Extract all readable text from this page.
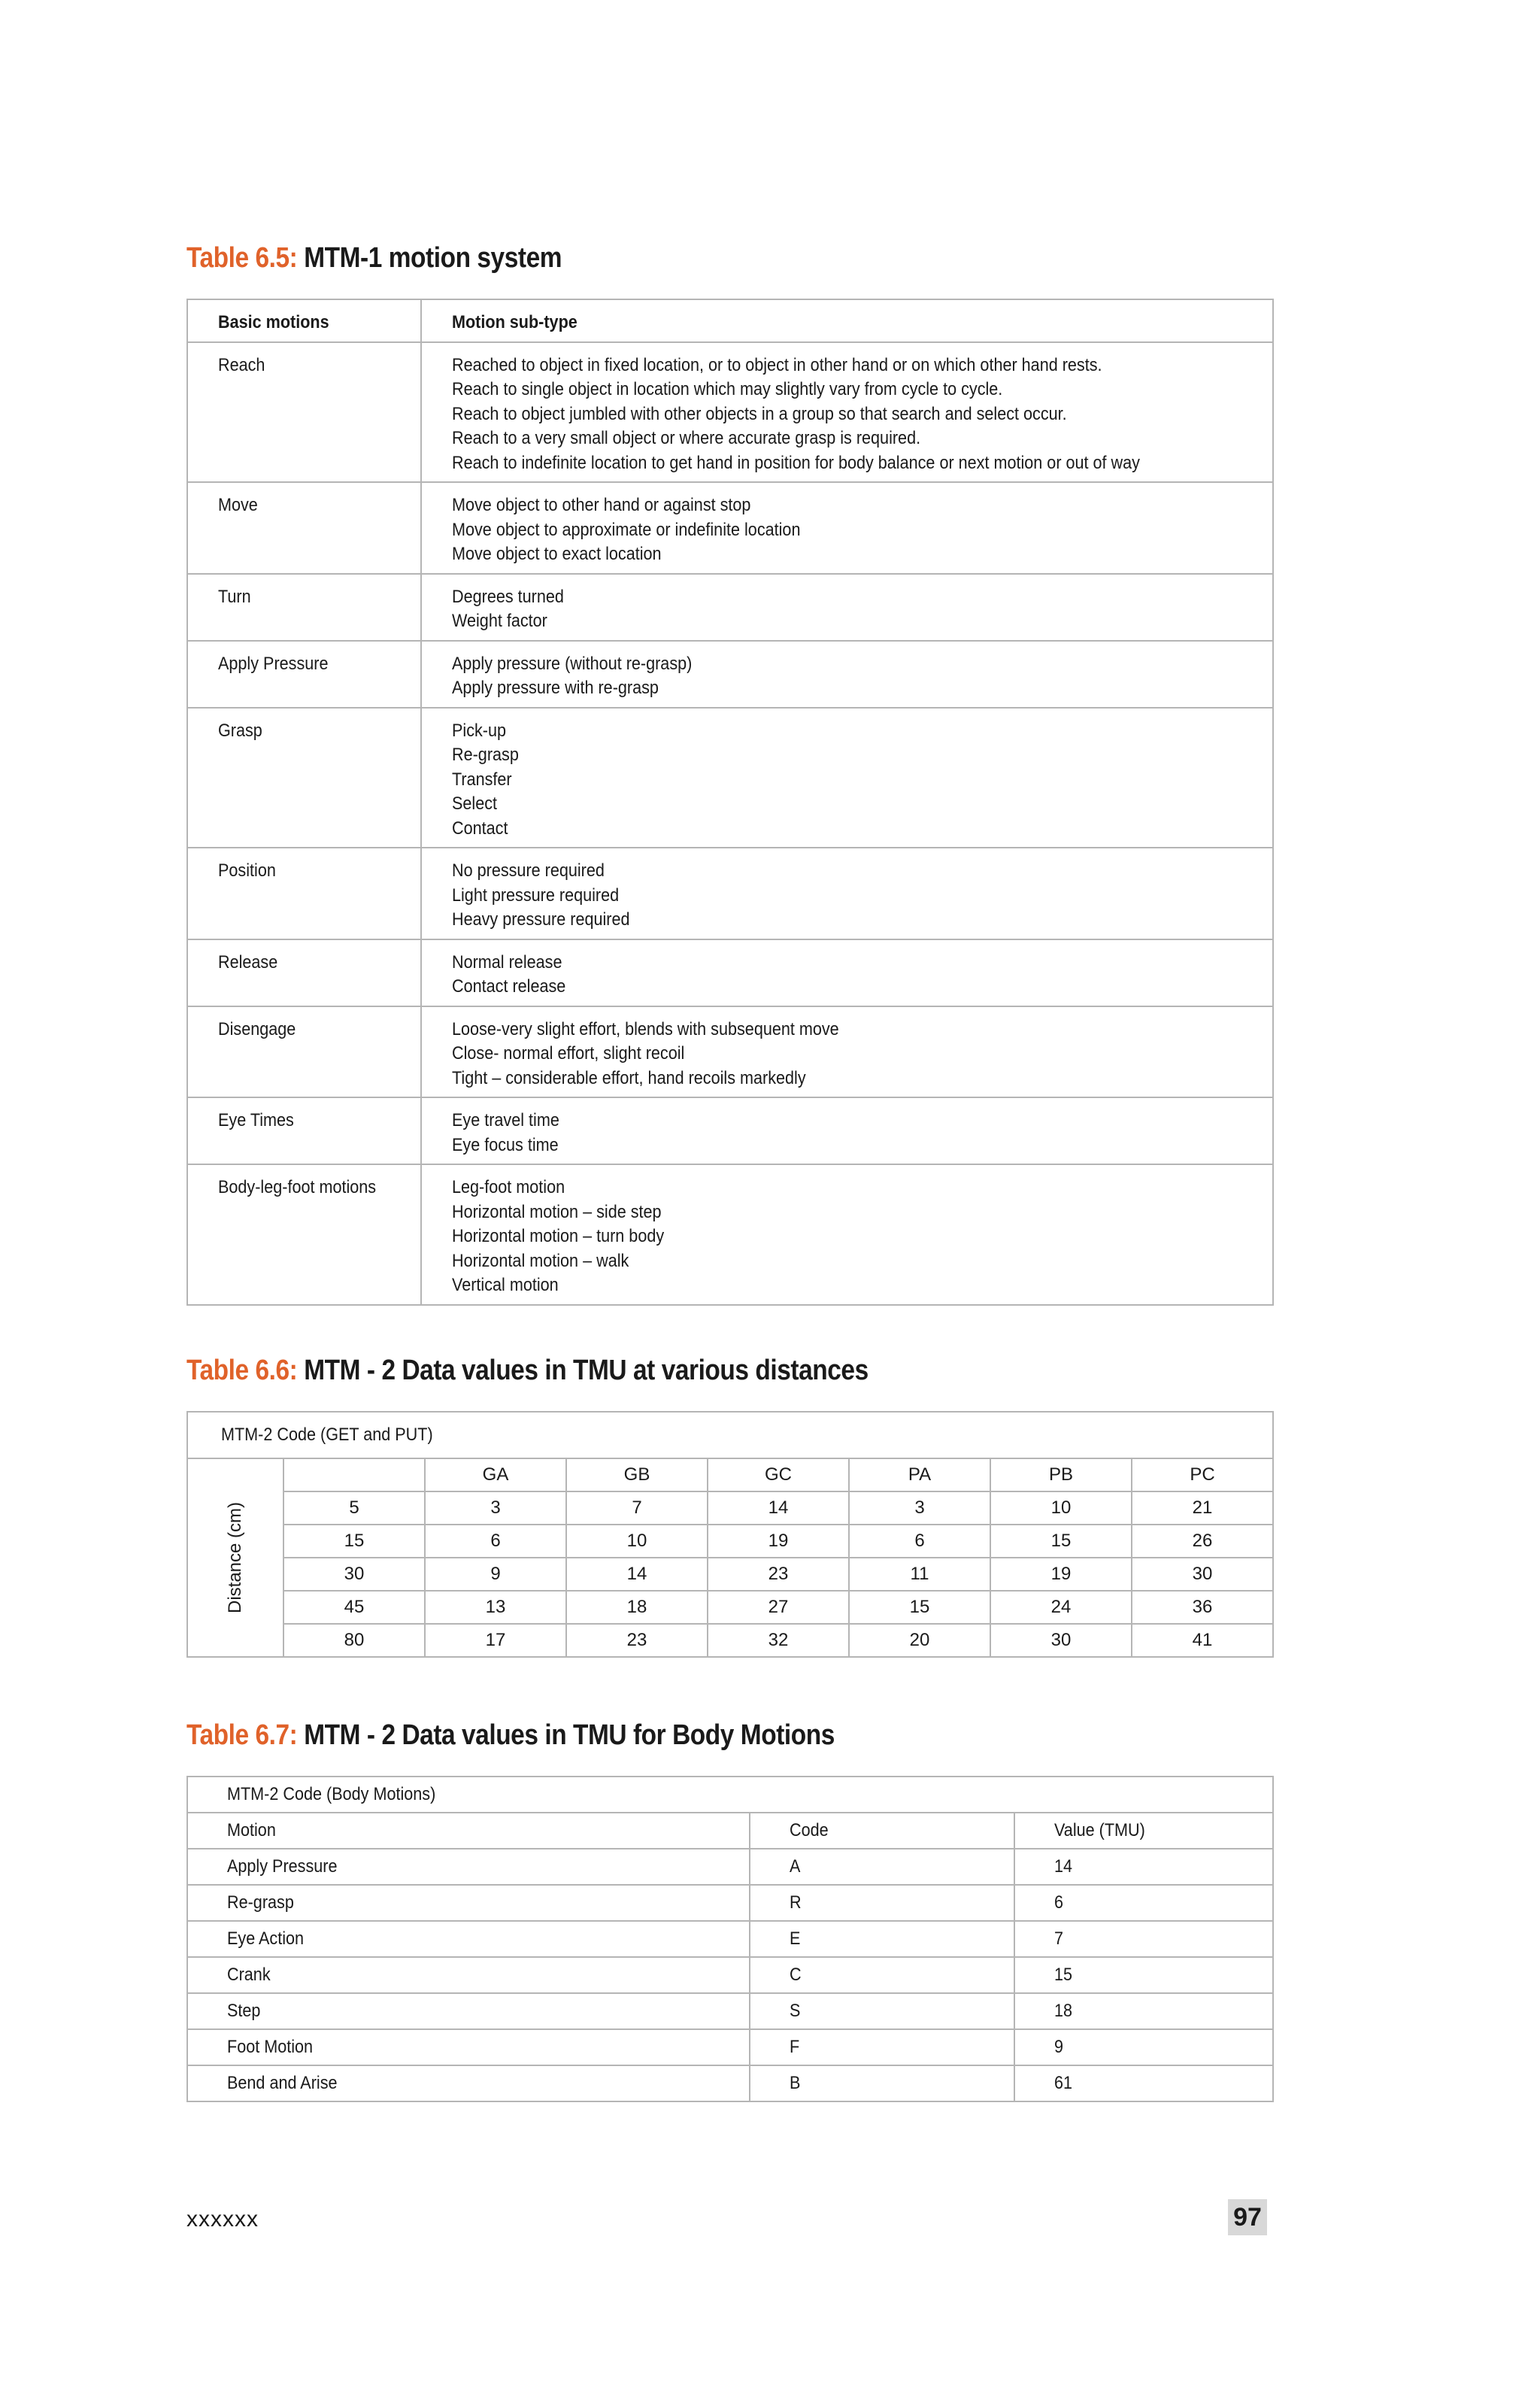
Table 6.5: MTM-1 motion system
Basic motions	Motion sub-type

Reach	Reached to object in fixed location, or to object in other hand or on which other hand rests.
Reach to single object in location which may slightly vary from cycle to cycle.
Reach to object jumbled with other objects in a group so that search and select occur.
Reach to a very small object or where accurate grasp is required.
Reach to indefinite location to get hand in position for body balance or next motion or out of way

Move	Move object to other hand or against stop
Move object to approximate or indefinite location
Move object to exact location

Turn	Degrees turned
Weight factor

Apply Pressure	Apply pressure (without re-grasp)
Apply pressure with re-grasp

Grasp	Pick-up
Re-grasp
Transfer
Select
Contact

Position	No pressure required
Light pressure required
Heavy pressure required

Release	Normal release
Contact release

Disengage	Loose-very slight effort, blends with subsequent move
Close- normal effort, slight recoil
Tight – considerable effort, hand recoils markedly

Eye Times	Eye travel time
Eye focus time

Body-leg-foot motions	Leg-foot motion
Horizontal motion – side step
Horizontal motion – turn body
Horizontal motion – walk
Vertical motion
Table 6.6: MTM - 2 Data values in TMU at various distances
MTM-2 Code (GET and PUT)							

Distance (cm)		GA	GB	GC	PA	PB	PC
	5	3	7	14	3	10	21
	15	6	10	19	6	15	26
	30	9	14	23	11	19	30
	45	13	18	27	15	24	36
	80	17	23	32	20	30	41
Table 6.7: MTM - 2 Data values in TMU for Body Motions
MTM-2 Code (Body Motions)		
Motion	Code	Value (TMU)
Apply Pressure	A	14
Re-grasp	R	6
Eye Action	E	7
Crank	C	15
Step	S	18
Foot Motion	F	9
Bend and Arise	B	61
xxxxxx	97
